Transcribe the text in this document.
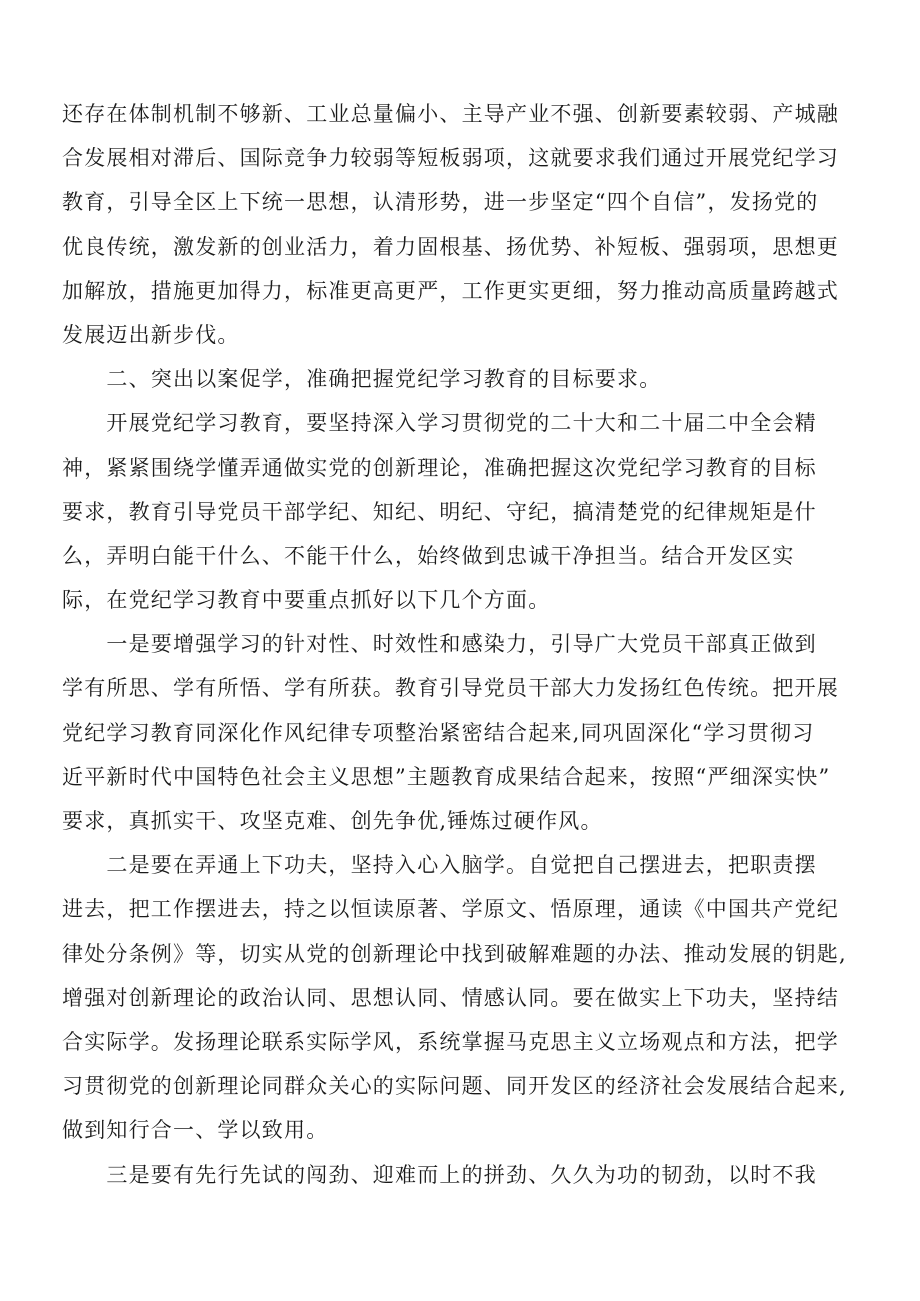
还存在体制机制不够新、工业总量偏小、主导产业不强、创新要素较弱、产城融
合发展相对滞后、国际竞争力较弱等短板弱项，这就要求我们通过开展党纪学习
教育，引导全区上下统一思想，认清形势，进一步坚定“四个自信”，发扬党的
优良传统，激发新的创业活力，着力固根基、扬优势、补短板、强弱项，思想更
加解放，措施更加得力，标准更高更严，工作更实更细，努力推动高质量跨越式
发展迈出新步伐。
　　二、突出以案促学，准确把握党纪学习教育的目标要求。
　　开展党纪学习教育，要坚持深入学习贯彻党的二十大和二十届二中全会精
神，紧紧围绕学懂弄通做实党的创新理论，准确把握这次党纪学习教育的目标
要求，教育引导党员干部学纪、知纪、明纪、守纪，搞清楚党的纪律规矩是什
么，弄明白能干什么、不能干什么，始终做到忠诚干净担当。结合开发区实
际，在党纪学习教育中要重点抓好以下几个方面。
　　一是要增强学习的针对性、时效性和感染力，引导广大党员干部真正做到
学有所思、学有所悟、学有所获。教育引导党员干部大力发扬红色传统。把开展
党纪学习教育同深化作风纪律专项整治紧密结合起来,同巩固深化“学习贯彻习
近平新时代中国特色社会主义思想”主题教育成果结合起来，按照“严细深实快”
要求，真抓实干、攻坚克难、创先争优,锤炼过硬作风。
　　二是要在弄通上下功夫，坚持入心入脑学。自觉把自己摆进去，把职责摆
进去，把工作摆进去，持之以恒读原著、学原文、悟原理，通读《中国共产党纪
律处分条例》等，切实从党的创新理论中找到破解难题的办法、推动发展的钥匙,
增强对创新理论的政治认同、思想认同、情感认同。要在做实上下功夫，坚持结
合实际学。发扬理论联系实际学风，系统掌握马克思主义立场观点和方法，把学
习贯彻党的创新理论同群众关心的实际问题、同开发区的经济社会发展结合起来,
做到知行合一、学以致用。
　　三是要有先行先试的闯劲、迎难而上的拼劲、久久为功的韧劲，以时不我
